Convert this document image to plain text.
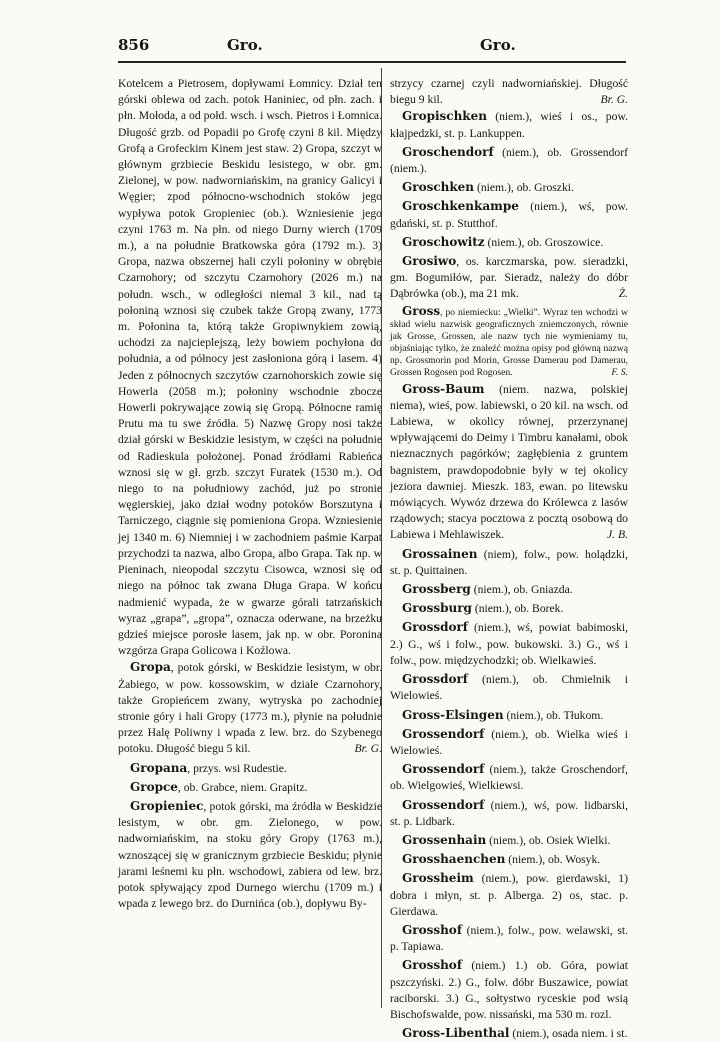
856	Gro.	Gro.

Kotelcem a Pietrosem, dopływami Łomnicy. Dział ten górski oblewa od zach. potok Haniniec, od płn. zach. i płn. Mołoda, a od połd. wsch. i wsch. Pietros i Łomnica. Długość grzb. od Popadii po Grofę czyni 8 kil. Między Grofą a Grofeckim Kinem jest staw. 2) Gropa, szczyt w głównym grzbiecie Beskidu lesistego, w obr. gm. Zielonej, w pow. nadworniańskim, na granicy Galicyi i Węgier; zpod północno-wschodnich stoków jego wypływa potok Gropieniec (ob.). Wzniesienie jego czyni 1763 m. Na płn. od niego Durny wierch (1709 m.), a na południe Bratkowska góra (1792 m.). 3) Gropa, nazwa obszernej hali czyli połoniny w obrębie Czarnohory; od szczytu Czarnohory (2026 m.) na połudn. wsch., w odległości niemal 3 kil., nad tą połoniną wznosi się czubek także Gropą zwany, 1773 m. Połonina ta, którą także Gropiwnykiem zowią, uchodzi za najcieplejszą, leży bowiem pochyłona do południa, a od północy jest zasłoniona górą i lasem. 4) Jeden z północnych szczytów czarnohorskich zowie się Howerla (2058 m.); połoniny wschodnie zbocze Howerli pokrywające zowią się Gropą. Północne ramię Prutu ma tu swe źródła. 5) Nazwę Gropy nosi także dział górski w Beskidzie lesistym, w części na południe od Radieskula położonej. Ponad źródłami Rabieńca wznosi się w gł. grzb. szczyt Furatek (1530 m.). Od niego to na południowy zachód, już po stronie węgierskiej, jako dział wodny potoków Borszutyna i Tarniczego, ciągnie się pomieniona Gropa. Wzniesienie jej 1340 m. 6) Niemniej i w zachodniem paśmie Karpat przychodzi ta nazwa, albo Gropa, albo Grapa. Tak np. w Pieninach, nieopodal szczytu Cisowca, wznosi się od niego na północ tak zwana Długa Grapa. W końcu nadmienić wypada, że w gwarze górali tatrzańskich wyraz „grapa”, „gropa”, oznacza oderwane, na brzeżku gdzieś miejsce porosłe lasem, jak np. w obr. Poronina wzgórza Grapa Golicowa i Koźlowa.

Gropa, potok górski, w Beskidzie lesistym, w obr. Żabiego, w pow. kossowskim, w dziale Czarnohory, także Gropieńcem zwany, wytryska po zachodniej stronie góry i hali Gropy (1773 m.), płynie na południe przez Halę Poliwny i wpada z lew. brz. do Szybenego potoku. Długość biegu 5 kil.	Br. G.

Gropana, przys. wsi Rudestie.

Gropce, ob. Grabce, niem. Grapitz.

Gropieniec, potok górski, ma źródła w Beskidzie lesistym, w obr. gm. Zielonego, w pow. nadworniańskim, na stoku góry Gropy (1763 m.), wznoszącej się w granicznym grzbiecie Beskidu; płynie jarami leśnemi ku płn. wschodowi, zabiera od lew. brz. potok spływający zpod Durnego wierchu (1709 m.) i wpada z lewego brz. do Durnińca (ob.), dopływu By-

strzycy czarnej czyli nadworniańskiej. Długość biegu 9 kil.	Br. G.

Gropischken (niem.), wieś i os., pow. kłajpedzki, st. p. Lankuppen.

Groschendorf (niem.), ob. Grossendorf (niem.).

Groschken (niem.), ob. Groszki.

Groschkenkampe (niem.), wś, pow. gdański, st. p. Stutthof.

Groschowitz (niem.), ob. Groszowice.

Grosiwo, os. karczmarska, pow. sieradzki, gm. Bogumiłów, par. Sieradz, należy do dóbr Dąbrówka (ob.), ma 21 mk.	Ż.

Gross, po niemiecku: „Wielki”. Wyraz ten wchodzi w skład wielu nazwisk geograficznych zniemczonych, równie jak Grosse, Grossen, ale nazw tych nie wymieniamy tu, objaśniając tylko, że znaleźć można opisy pod główną nazwą np. Grossmorin pod Morin, Grosse Damerau pod Damerau, Grossen Rogosen pod Rogosen.	F. S.

Gross-Baum (niem. nazwa, polskiej niema), wieś, pow. labiewski, o 20 kil. na wsch. od Labiewa, w okolicy równej, przerzynanej wpływającemi do Deimy i Timbru kanałami, obok nieznacznych pagórków; zagłębienia z gruntem bagnistem, prawdopodobnie były w tej okolicy jeziora dawniej. Mieszk. 183, ewan. po litewsku mówiących. Wywóz drzewa do Królewca z lasów rządowych; stacya pocztowa z pocztą osobową do Labiewa i Mehlawiszek.	J. B.

Grossainen (niem), folw., pow. holądzki, st. p. Quittainen.

Grossberg (niem.), ob. Gniazda.

Grossburg (niem.), ob. Borek.

Grossdorf (niem.), wś, powiat babimoski, 2.) G., wś i folw., pow. bukowski. 3.) G., wś i folw., pow. międzychodzki; ob. Wielkawieś.

Grossdorf (niem.), ob. Chmielnik i Wielowieś.

Gross-Elsingen (niem.), ob. Tłukom.

Grossendorf (niem.), ob. Wielka wieś i Wielowieś.

Grossendorf (niem.), także Groschendorf, ob. Wielgowieś, Wielkiewsi.

Grossendorf (niem.), wś, pow. lidbarski, st. p. Lidbark.

Grossenhain (niem.), ob. Osiek Wielki.

Grosshaenchen (niem.), ob. Wosyk.

Grossheim (niem.), pow. gierdawski, 1) dobra i młyn, st. p. Alberga. 2) os, stac. p. Gierdawa.

Grosshof (niem.), folw., pow. welawski, st. p. Tapiawa.

Grosshof (niem.) 1.) ob. Góra, powiat pszczyński. 2.) G., folw. dóbr Buszawice, powiat raciborski. 3.) G., sołtystwo ryceskie pod wsią Bischofswalde, pow. nissański, ma 530 m. rozl.

Gross-Libenthal (niem.), osada niem. i st.
